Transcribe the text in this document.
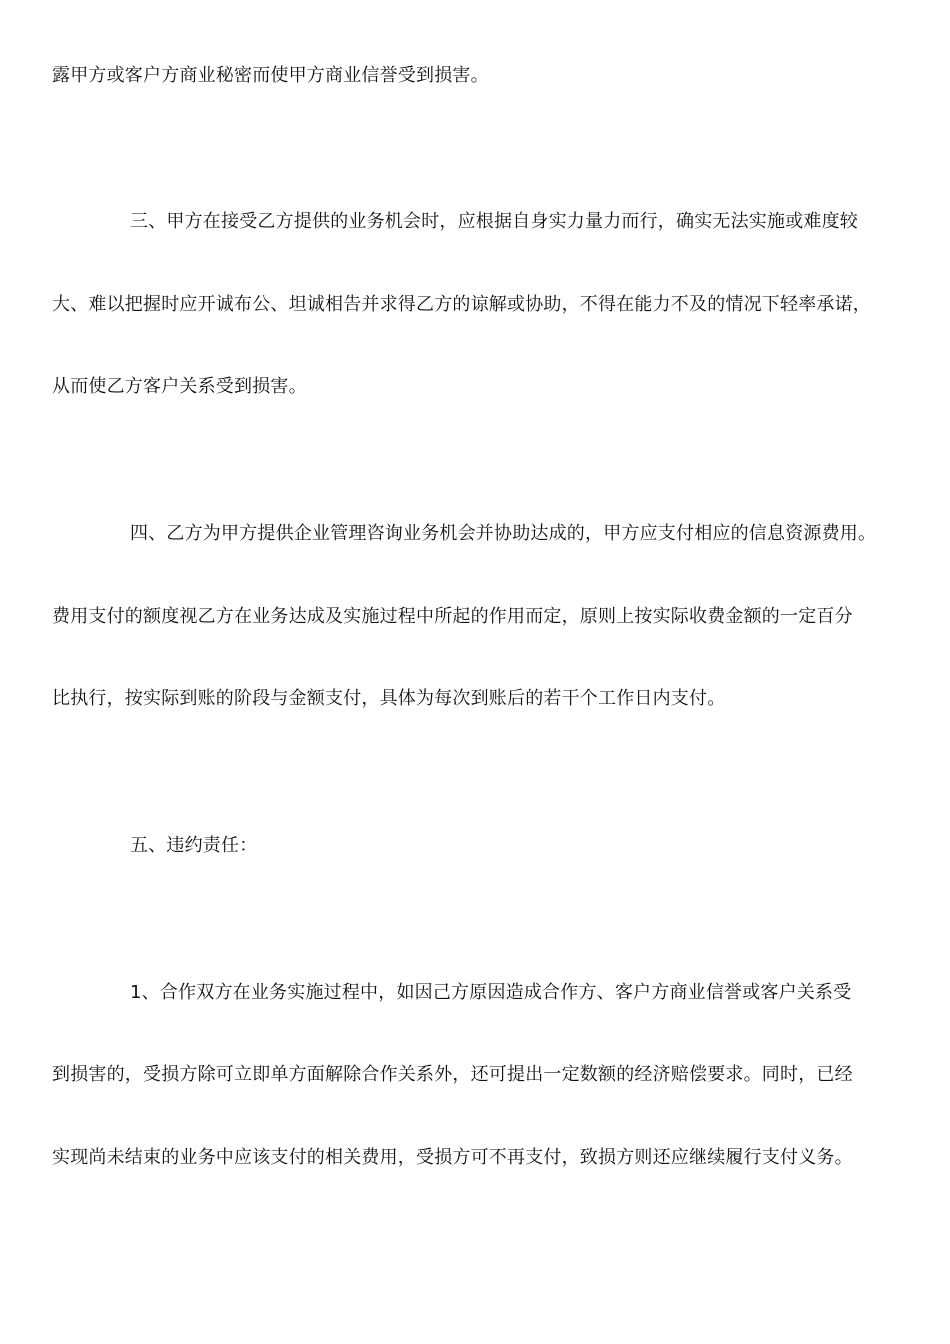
露甲方或客户方商业秘密而使甲方商业信誉受到损害。
三、甲方在接受乙方提供的业务机会时，应根据自身实力量力而行，确实无法实施或难度较
大、难以把握时应开诚布公、坦诚相告并求得乙方的谅解或协助，不得在能力不及的情况下轻率承诺，
从而使乙方客户关系受到损害。
四、乙方为甲方提供企业管理咨询业务机会并协助达成的，甲方应支付相应的信息资源费用。
费用支付的额度视乙方在业务达成及实施过程中所起的作用而定，原则上按实际收费金额的一定百分
比执行，按实际到账的阶段与金额支付，具体为每次到账后的若干个工作日内支付。
五、违约责任：
1、合作双方在业务实施过程中，如因己方原因造成合作方、客户方商业信誉或客户关系受
到损害的，受损方除可立即单方面解除合作关系外，还可提出一定数额的经济赔偿要求。同时，已经
实现尚未结束的业务中应该支付的相关费用，受损方可不再支付，致损方则还应继续履行支付义务。
